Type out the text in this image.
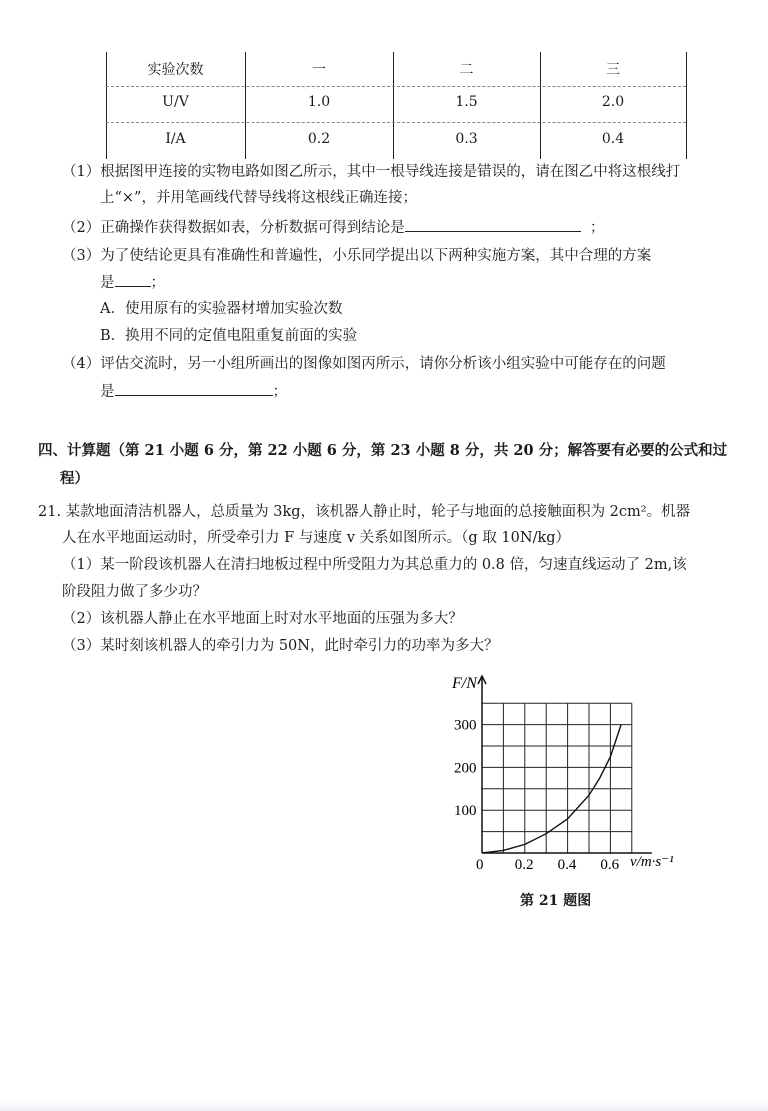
实验次数	一	二	三
U/V	1.0	1.5	2.0
I/A	0.2	0.3	0.4
（1）根据图甲连接的实物电路如图乙所示，其中一根导线连接是错误的，请在图乙中将这根线打
上“×”，并用笔画线代替导线将这根线正确连接；
（2）正确操作获得数据如表，分析数据可得到结论是	；
（3）为了使结论更具有准确性和普遍性，小乐同学提出以下两种实施方案，其中合理的方案
是 ；
A．使用原有的实验器材增加实验次数
B．换用不同的定值电阻重复前面的实验
（4）评估交流时，另一小组所画出的图像如图丙所示，请你分析该小组实验中可能存在的问题
是	；
四、计算题（第 21 小题 6 分，第 22 小题 6 分，第 23 小题 8 分，共 20 分；解答要有必要的公式和过
程）
21. 某款地面清洁机器人，总质量为 3kg，该机器人静止时，轮子与地面的总接触面积为 2cm²。机器
人在水平地面运动时，所受牵引力 F 与速度 v 关系如图所示。（g 取 10N/kg）
（1）某一阶段该机器人在清扫地板过程中所受阻力为其总重力的 0.8 倍，匀速直线运动了 2m,该
阶段阻力做了多少功？
（2）该机器人静止在水平地面上时对水平地面的压强为多大？
（3）某时刻该机器人的牵引力为 50N，此时牵引力的功率为多大？
0 0.2 0.4 0.6
100
200
300
F/N
v/m·s⁻¹
第 21 题图
